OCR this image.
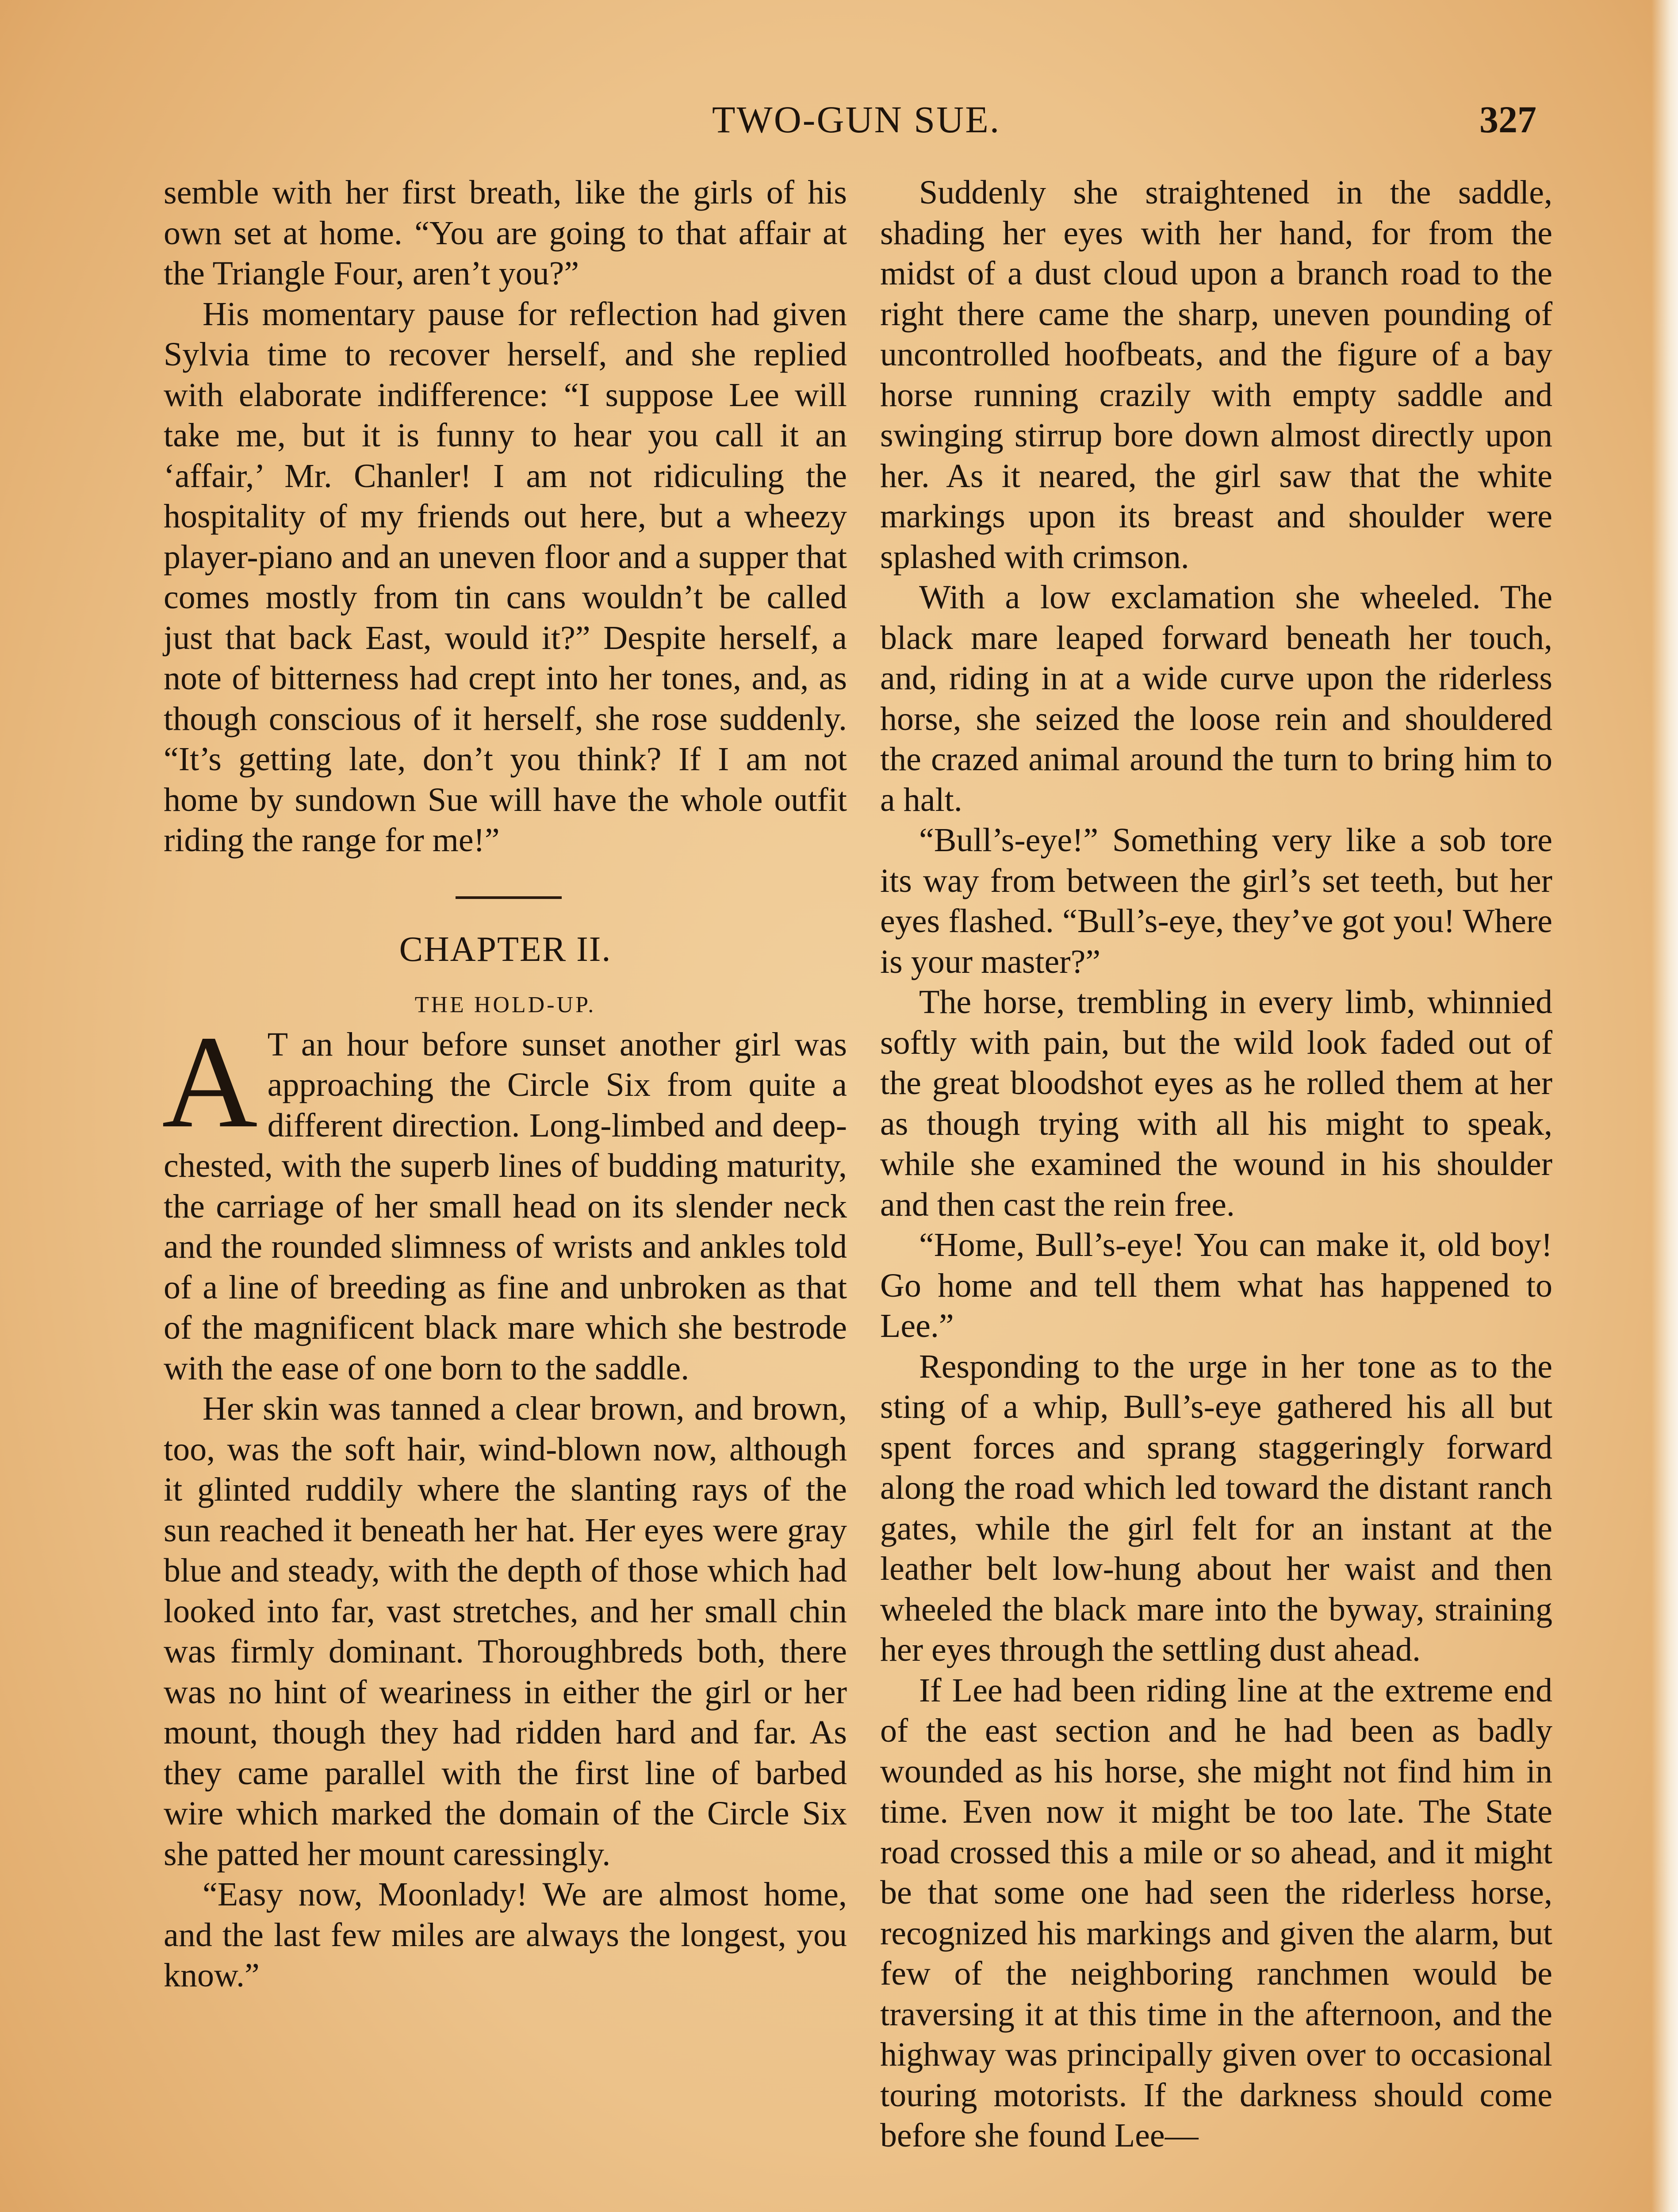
TWO-GUN SUE.	327

semble with her first breath, like the girls of his own set at home. “You are going to that affair at the Triangle Four, aren’t you?”

His momentary pause for reflection had given Sylvia time to recover herself, and she replied with elaborate indifference: “I suppose Lee will take me, but it is funny to hear you call it an ‘affair,’ Mr. Chanler! I am not ridiculing the hospitality of my friends out here, but a wheezy player-piano and an uneven floor and a supper that comes mostly from tin cans wouldn’t be called just that back East, would it?” Despite herself, a note of bitterness had crept into her tones, and, as though conscious of it herself, she rose suddenly. “It’s getting late, don’t you think? If I am not home by sundown Sue will have the whole outfit riding the range for me!”

CHAPTER II.
THE HOLD-UP.

A T an hour before sunset another girl was approaching the Circle Six from quite a different direction. Long-limbed and deep-chested, with the superb lines of budding maturity, the carriage of her small head on its slender neck and the rounded slimness of wrists and ankles told of a line of breeding as fine and unbroken as that of the magnificent black mare which she bestrode with the ease of one born to the saddle.

Her skin was tanned a clear brown, and brown, too, was the soft hair, wind-blown now, although it glinted ruddily where the slanting rays of the sun reached it beneath her hat. Her eyes were gray blue and steady, with the depth of those which had looked into far, vast stretches, and her small chin was firmly dominant. Thoroughbreds both, there was no hint of weariness in either the girl or her mount, though they had ridden hard and far. As they came parallel with the first line of barbed wire which marked the domain of the Circle Six she patted her mount caressingly.

“Easy now, Moonlady! We are almost home, and the last few miles are always the longest, you know.”

Suddenly she straightened in the saddle, shading her eyes with her hand, for from the midst of a dust cloud upon a branch road to the right there came the sharp, uneven pounding of uncontrolled hoofbeats, and the figure of a bay horse running crazily with empty saddle and swinging stirrup bore down almost directly upon her. As it neared, the girl saw that the white markings upon its breast and shoulder were splashed with crimson.

With a low exclamation she wheeled. The black mare leaped forward beneath her touch, and, riding in at a wide curve upon the riderless horse, she seized the loose rein and shouldered the crazed animal around the turn to bring him to a halt.

“Bull’s-eye!” Something very like a sob tore its way from between the girl’s set teeth, but her eyes flashed. “Bull’s-eye, they’ve got you! Where is your master?”

The horse, trembling in every limb, whinnied softly with pain, but the wild look faded out of the great bloodshot eyes as he rolled them at her as though trying with all his might to speak, while she examined the wound in his shoulder and then cast the rein free.

“Home, Bull’s-eye! You can make it, old boy! Go home and tell them what has happened to Lee.”

Responding to the urge in her tone as to the sting of a whip, Bull’s-eye gathered his all but spent forces and sprang staggeringly forward along the road which led toward the distant ranch gates, while the girl felt for an instant at the leather belt low-hung about her waist and then wheeled the black mare into the byway, straining her eyes through the settling dust ahead.

If Lee had been riding line at the extreme end of the east section and he had been as badly wounded as his horse, she might not find him in time. Even now it might be too late. The State road crossed this a mile or so ahead, and it might be that some one had seen the riderless horse, recognized his markings and given the alarm, but few of the neighboring ranchmen would be traversing it at this time in the afternoon, and the highway was principally given over to occasional touring motorists. If the darkness should come before she found Lee—
